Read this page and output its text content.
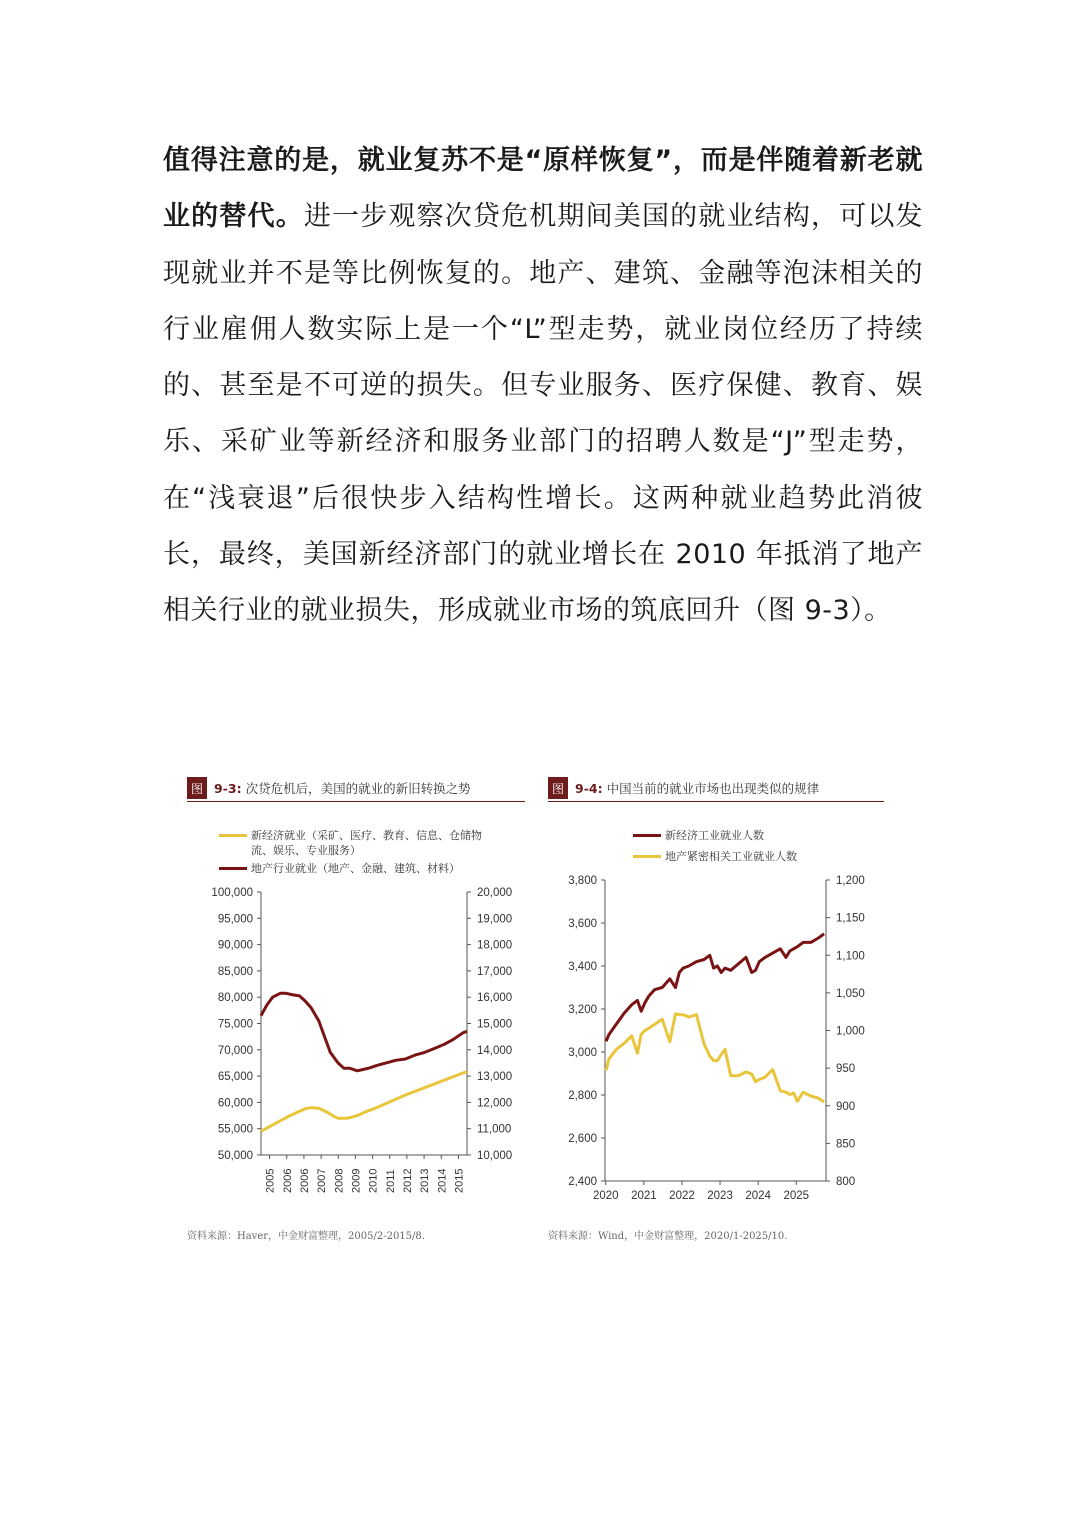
值得注意的是，就业复苏不是“原样恢复”，而是伴随着新老就业的替代。进一步观察次贷危机期间美国的就业结构，可以发现就业并不是等比例恢复的。地产、建筑、金融等泡沫相关的行业雇佣人数实际上是一个“L”型走势，就业岗位经历了持续的、甚至是不可逆的损失。但专业服务、医疗保健、教育、娱乐、采矿业等新经济和服务业部门的招聘人数是“J”型走势，在“浅衰退”后很快步入结构性增长。这两种就业趋势此消彼长，最终，美国新经济部门的就业增长在 2010 年抵消了地产相关行业的就业损失，形成就业市场的筑底回升（图 9-3）。

图 9-3: 次贷危机后，美国的就业的新旧转换之势
新经济就业（采矿、医疗、教育、信息、仓储物
流、娱乐、专业服务）
地产行业就业（地产、金融、建筑、材料）
50,000
55,000
60,000
65,000
70,000
75,000
80,000
85,000
90,000
95,000
100,000
10,000
11,000
12,000
13,000
14,000
15,000
16,000
17,000
18,000
19,000
20,000
2005 2006 2006 2007 2008 2009 2010 2011 2012 2013 2014 2015
资料来源：Haver，中金财富整理，2005/2-2015/8.
图 9-4: 中国当前的就业市场也出现类似的规律
新经济工业就业人数
地产紧密相关工业就业人数
2,400
2,600
2,800
3,000
3,200
3,400
3,600
3,800
800
850
900
950
1,000
1,050
1,100
1,150
1,200
2020 2021 2022 2023 2024 2025
资料来源：Wind，中金财富整理，2020/1-2025/10.
